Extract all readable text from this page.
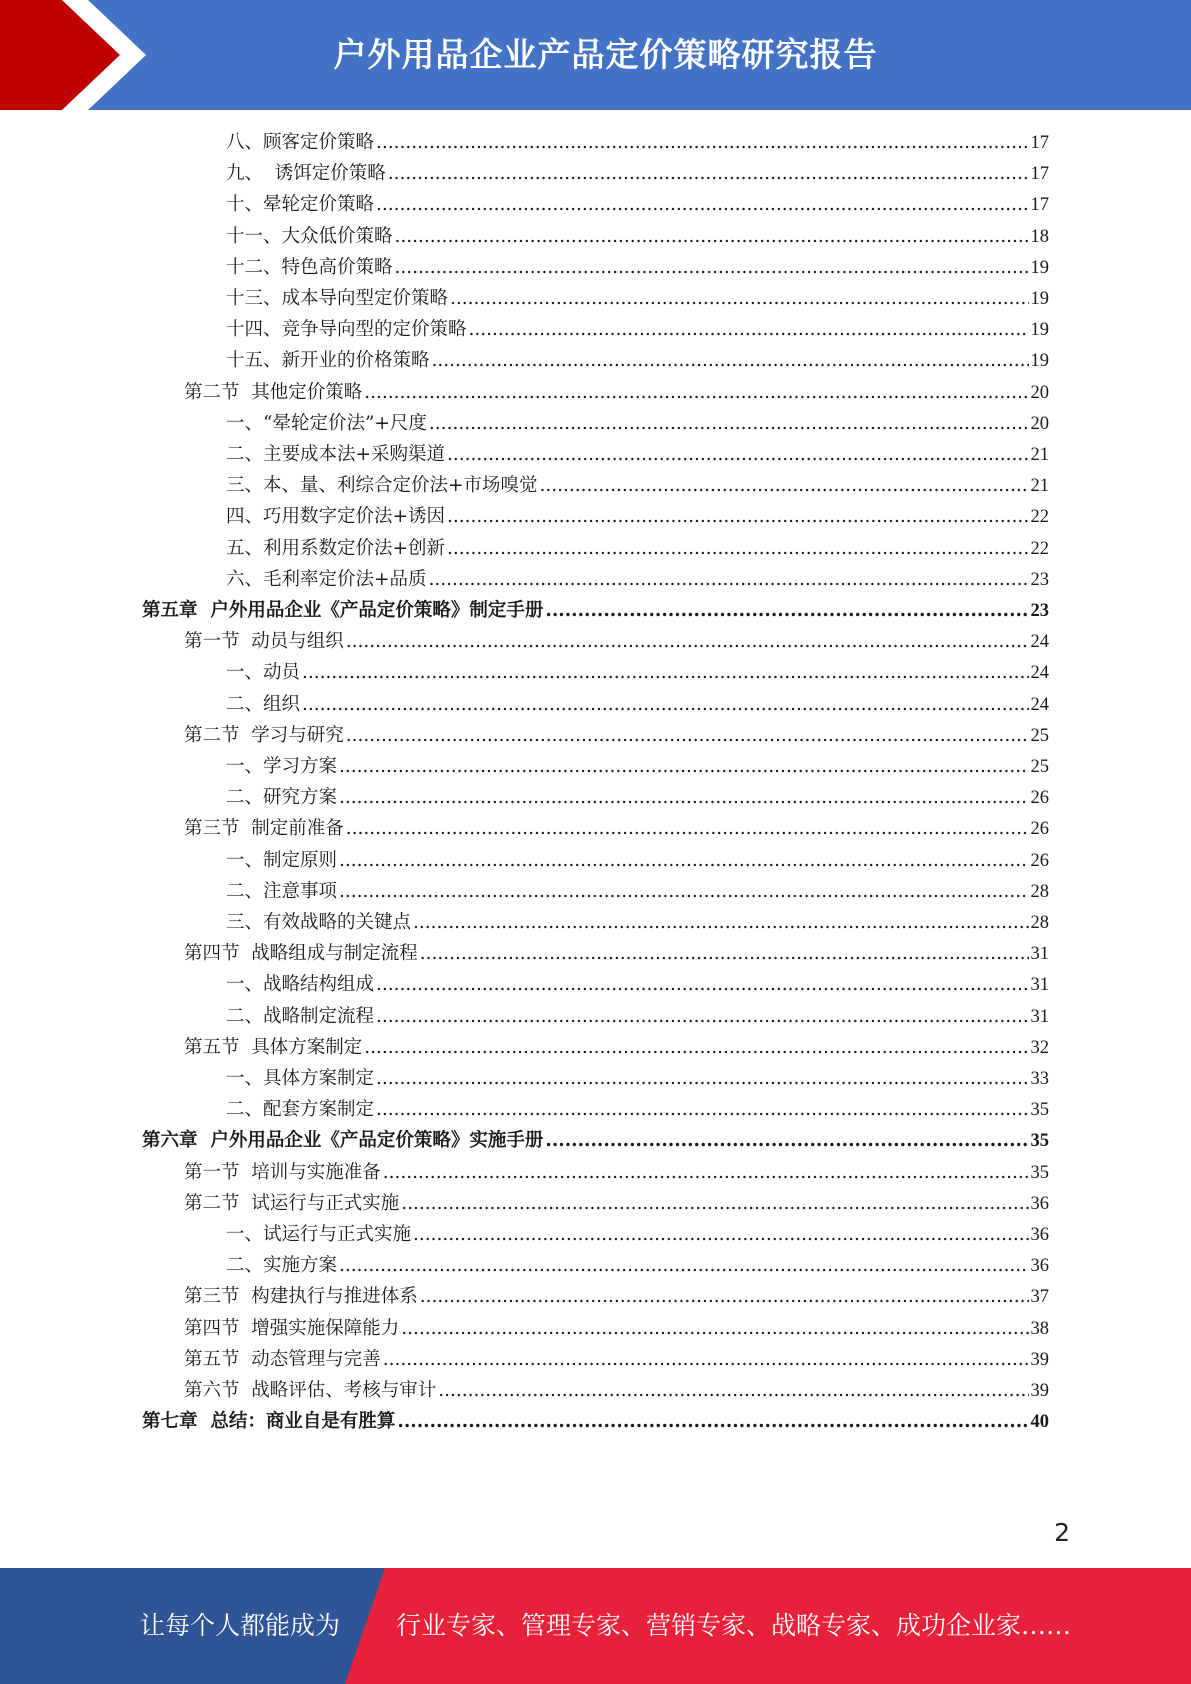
户外用品企业产品定价策略研究报告
八、顾客定价策略 .....	17
九、  诱饵定价策略 .....	17
十、晕轮定价策略 .....	17
十一、大众低价策略 .....	18
十二、特色高价策略 .....	19
十三、成本导向型定价策略 .....	19
十四、竞争导向型的定价策略 .....	19
十五、新开业的价格策略 .....	19
第二节  其他定价策略 .....	20
一、“晕轮定价法”+尺度 .....	20
二、主要成本法+采购渠道 .....	21
三、本、量、利综合定价法+市场嗅觉 .....	21
四、巧用数字定价法+诱因 .....	22
五、利用系数定价法+创新 .....	22
六、毛利率定价法+品质 .....	23
第五章  户外用品企业《产品定价策略》制定手册 .....	23
第一节  动员与组织 .....	24
一、动员 .....	24
二、组织 .....	24
第二节  学习与研究 .....	25
一、学习方案 .....	25
二、研究方案 .....	26
第三节  制定前准备 .....	26
一、制定原则 .....	26
二、注意事项 .....	28
三、有效战略的关键点 .....	28
第四节  战略组成与制定流程 .....	31
一、战略结构组成 .....	31
二、战略制定流程 .....	31
第五节  具体方案制定 .....	32
一、具体方案制定 .....	33
二、配套方案制定 .....	35
第六章  户外用品企业《产品定价策略》实施手册 .....	35
第一节  培训与实施准备 .....	35
第二节  试运行与正式实施 .....	36
一、试运行与正式实施 .....	36
二、实施方案 .....	36
第三节  构建执行与推进体系 .....	37
第四节  增强实施保障能力 .....	38
第五节  动态管理与完善 .....	39
第六节  战略评估、考核与审计 .....	39
第七章  总结：商业自是有胜算 .....	40
2
让每个人都能成为 行业专家、管理专家、营销专家、战略专家、成功企业家……
